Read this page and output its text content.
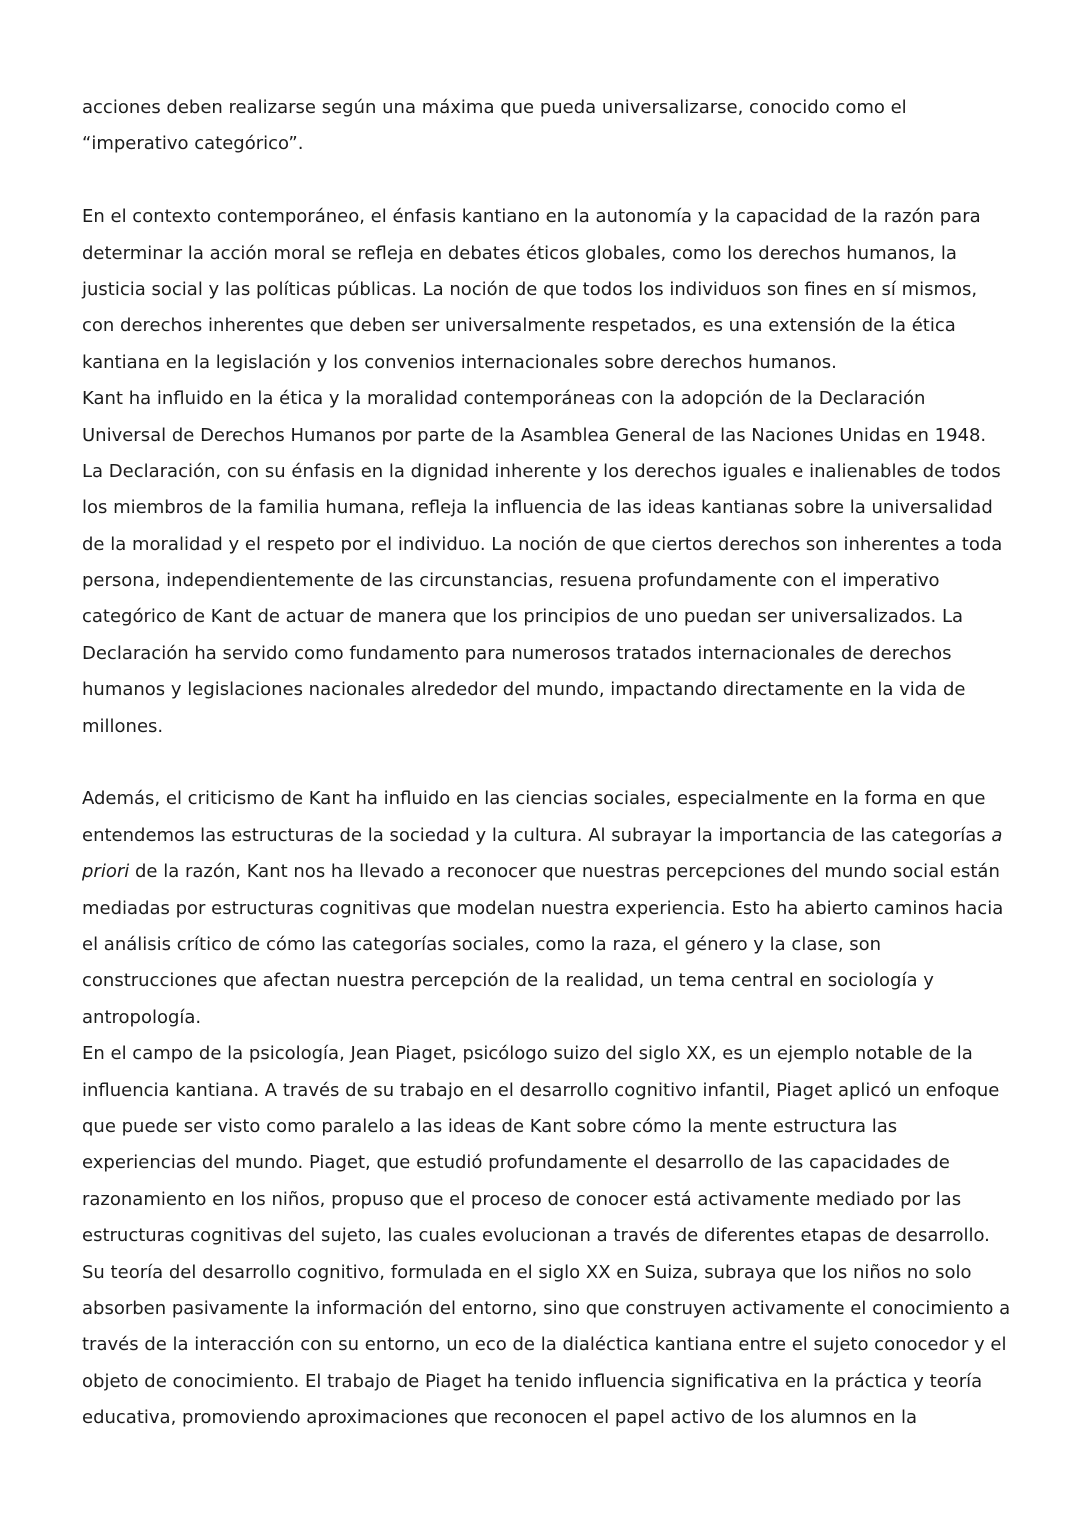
acciones deben realizarse según una máxima que pueda universalizarse, conocido como el
“imperativo categórico”.
En el contexto contemporáneo, el énfasis kantiano en la autonomía y la capacidad de la razón para
determinar la acción moral se refleja en debates éticos globales, como los derechos humanos, la
justicia social y las políticas públicas. La noción de que todos los individuos son fines en sí mismos,
con derechos inherentes que deben ser universalmente respetados, es una extensión de la ética
kantiana en la legislación y los convenios internacionales sobre derechos humanos.
Kant ha influido en la ética y la moralidad contemporáneas con la adopción de la Declaración
Universal de Derechos Humanos por parte de la Asamblea General de las Naciones Unidas en 1948.
La Declaración, con su énfasis en la dignidad inherente y los derechos iguales e inalienables de todos
los miembros de la familia humana, refleja la influencia de las ideas kantianas sobre la universalidad
de la moralidad y el respeto por el individuo. La noción de que ciertos derechos son inherentes a toda
persona, independientemente de las circunstancias, resuena profundamente con el imperativo
categórico de Kant de actuar de manera que los principios de uno puedan ser universalizados. La
Declaración ha servido como fundamento para numerosos tratados internacionales de derechos
humanos y legislaciones nacionales alrededor del mundo, impactando directamente en la vida de
millones.
Además, el criticismo de Kant ha influido en las ciencias sociales, especialmente en la forma en que
entendemos las estructuras de la sociedad y la cultura. Al subrayar la importancia de las categorías a
priori de la razón, Kant nos ha llevado a reconocer que nuestras percepciones del mundo social están
mediadas por estructuras cognitivas que modelan nuestra experiencia. Esto ha abierto caminos hacia
el análisis crítico de cómo las categorías sociales, como la raza, el género y la clase, son
construcciones que afectan nuestra percepción de la realidad, un tema central en sociología y
antropología.
En el campo de la psicología, Jean Piaget, psicólogo suizo del siglo XX, es un ejemplo notable de la
influencia kantiana. A través de su trabajo en el desarrollo cognitivo infantil, Piaget aplicó un enfoque
que puede ser visto como paralelo a las ideas de Kant sobre cómo la mente estructura las
experiencias del mundo. Piaget, que estudió profundamente el desarrollo de las capacidades de
razonamiento en los niños, propuso que el proceso de conocer está activamente mediado por las
estructuras cognitivas del sujeto, las cuales evolucionan a través de diferentes etapas de desarrollo.
Su teoría del desarrollo cognitivo, formulada en el siglo XX en Suiza, subraya que los niños no solo
absorben pasivamente la información del entorno, sino que construyen activamente el conocimiento a
través de la interacción con su entorno, un eco de la dialéctica kantiana entre el sujeto conocedor y el
objeto de conocimiento. El trabajo de Piaget ha tenido influencia significativa en la práctica y teoría
educativa, promoviendo aproximaciones que reconocen el papel activo de los alumnos en la
